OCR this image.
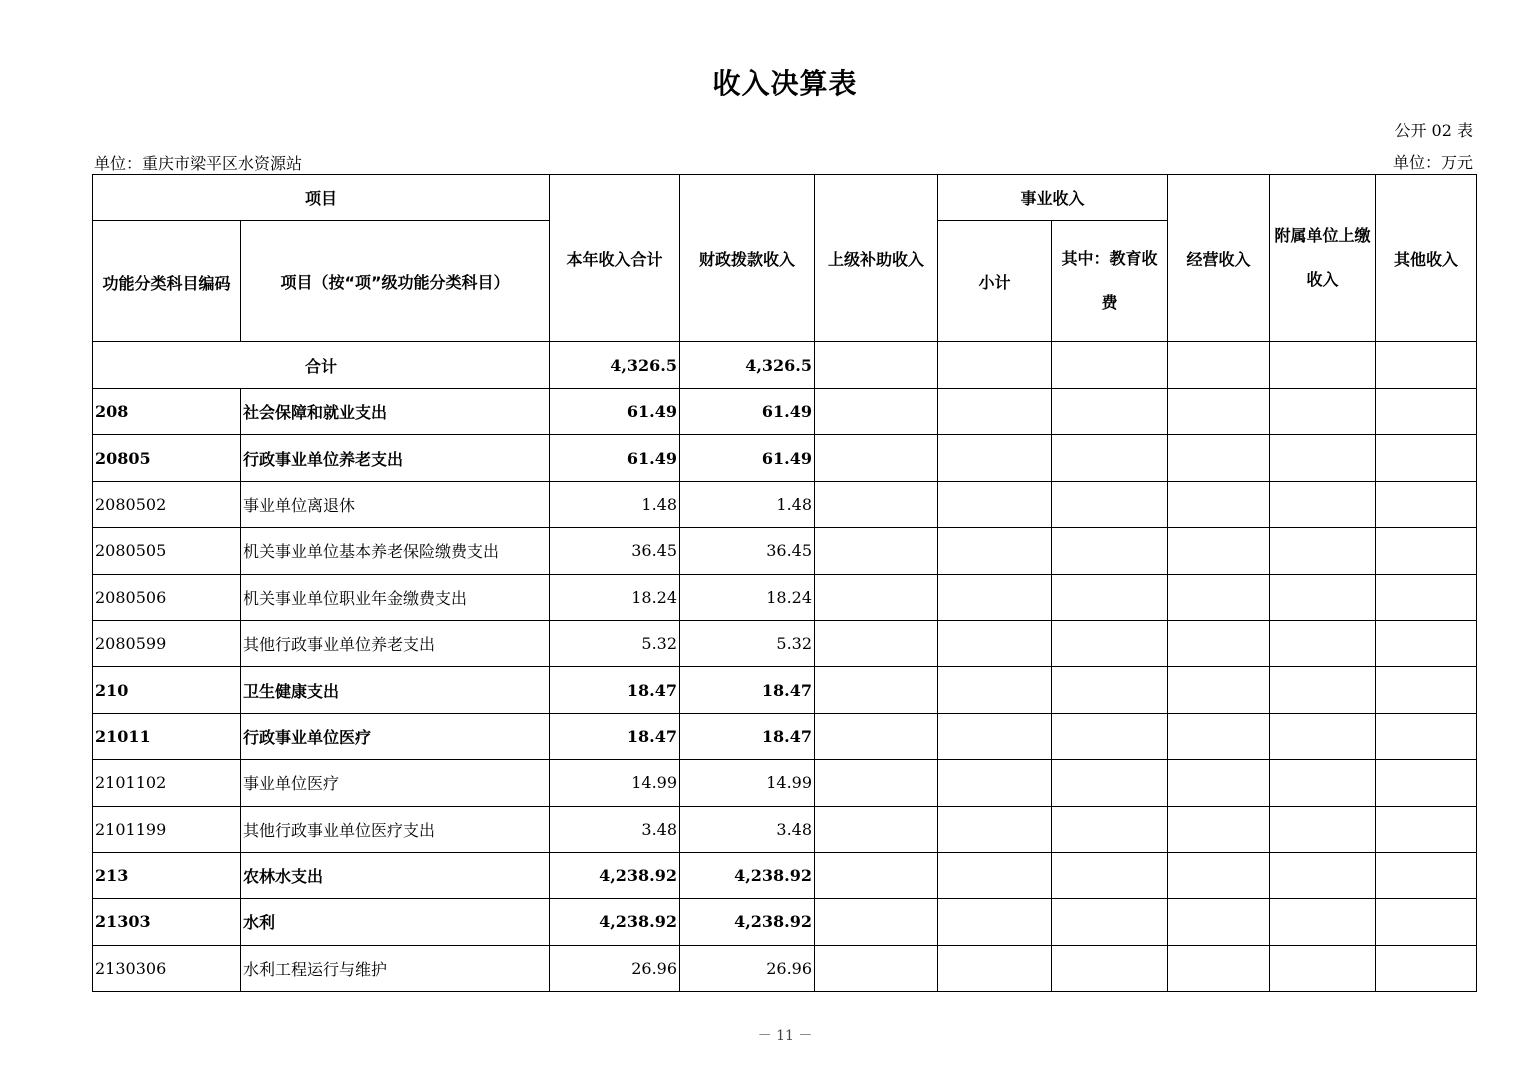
收入决算表
公开 02 表
单位：重庆市梁平区水资源站	单位：万元
项目		本年收入合计	财政拨款收入	上级补助收入	事业收入		经营收入	附属单位上缴收入	其他收入
功能分类科目编码	项目（按“项”级功能分类科目）				小计	其中：教育收费			
合计		4,326.5	4,326.5						
208	社会保障和就业支出	61.49	61.49						
20805	行政事业单位养老支出	61.49	61.49						
2080502	事业单位离退休	1.48	1.48						
2080505	机关事业单位基本养老保险缴费支出	36.45	36.45						
2080506	机关事业单位职业年金缴费支出	18.24	18.24						
2080599	其他行政事业单位养老支出	5.32	5.32						
210	卫生健康支出	18.47	18.47						
21011	行政事业单位医疗	18.47	18.47						
2101102	事业单位医疗	14.99	14.99						
2101199	其他行政事业单位医疗支出	3.48	3.48						
213	农林水支出	4,238.92	4,238.92						
21303	水利	4,238.92	4,238.92						
2130306	水利工程运行与维护	26.96	26.96						
－ 11 －
